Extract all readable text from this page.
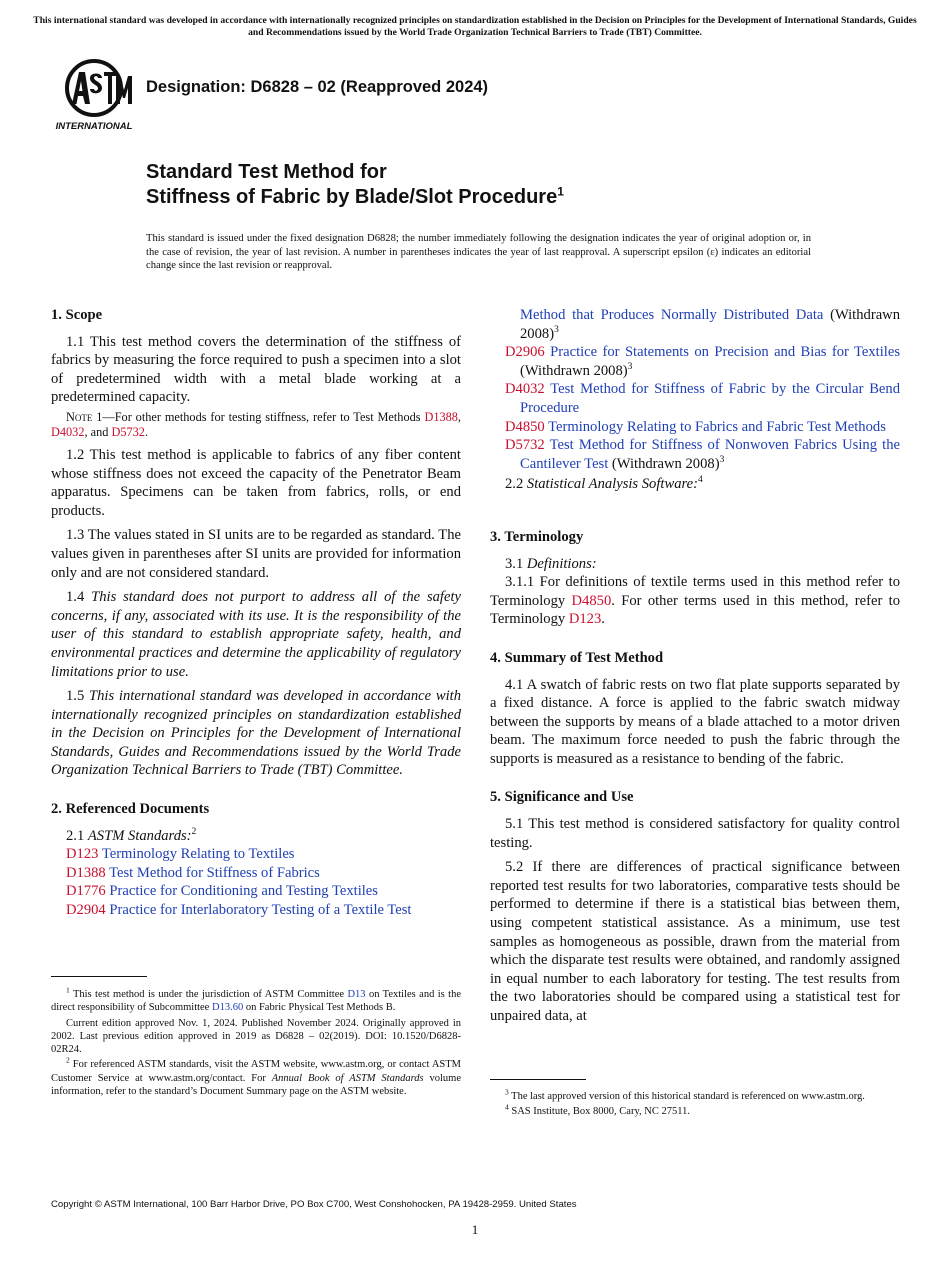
This international standard was developed in accordance with internationally recognized principles on standardization established in the Decision on Principles for the Development of International Standards, Guides and Recommendations issued by the World Trade Organization Technical Barriers to Trade (TBT) Committee.
INTERNATIONAL
Designation: D6828 – 02 (Reapproved 2024)
Standard Test Method for
Stiffness of Fabric by Blade/Slot Procedure$^1$
This standard is issued under the fixed designation D6828; the number immediately following the designation indicates the year of original adoption or, in the case of revision, the year of last revision. A number in parentheses indicates the year of last reapproval. A superscript epsilon (ε) indicates an editorial change since the last revision or reapproval.
1. Scope

1.1 This test method covers the determination of the stiffness of fabrics by measuring the force required to push a specimen into a slot of predetermined width with a metal blade working at a predetermined capacity.

Note 1—For other methods for testing stiffness, refer to Test Methods D1388, D4032, and D5732.

1.2 This test method is applicable to fabrics of any fiber content whose stiffness does not exceed the capacity of the Penetrator Beam apparatus. Specimens can be taken from fabrics, rolls, or end products.

1.3 The values stated in SI units are to be regarded as standard. The values given in parentheses after SI units are provided for information only and are not considered standard.

1.4 This standard does not purport to address all of the safety concerns, if any, associated with its use. It is the responsibility of the user of this standard to establish appropriate safety, health, and environmental practices and determine the applicability of regulatory limitations prior to use.

1.5 This international standard was developed in accordance with internationally recognized principles on standardization established in the Decision on Principles for the Development of International Standards, Guides and Recommendations issued by the World Trade Organization Technical Barriers to Trade (TBT) Committee.

2. Referenced Documents

2.1 ASTM Standards:$^2$

D123 Terminology Relating to Textiles
D1388 Test Method for Stiffness of Fabrics
D1776 Practice for Conditioning and Testing Textiles
D2904 Practice for Interlaboratory Testing of a Textile Test
Method that Produces Normally Distributed Data (Withdrawn 2008)$^3$
D2906 Practice for Statements on Precision and Bias for Textiles (Withdrawn 2008)$^3$
D4032 Test Method for Stiffness of Fabric by the Circular Bend Procedure
D4850 Terminology Relating to Fabrics and Fabric Test Methods
D5732 Test Method for Stiffness of Nonwoven Fabrics Using the Cantilever Test (Withdrawn 2008)$^3$

2.2 Statistical Analysis Software:$^4$

3. Terminology

3.1 Definitions:

3.1.1 For definitions of textile terms used in this method refer to Terminology D4850. For other terms used in this method, refer to Terminology D123.

4. Summary of Test Method

4.1 A swatch of fabric rests on two flat plate supports separated by a fixed distance. A force is applied to the fabric swatch midway between the supports by means of a blade attached to a motor driven beam. The maximum force needed to push the fabric through the supports is measured as a resistance to bending of the fabric.

5. Significance and Use

5.1 This test method is considered satisfactory for quality control testing.

5.2 If there are differences of practical significance between reported test results for two laboratories, comparative tests should be performed to determine if there is a statistical bias between them, using competent statistical assistance. As a minimum, use test samples as homogeneous as possible, drawn from the material from which the disparate test results were obtained, and randomly assigned in equal number to each laboratory for testing. The test results from the two laboratories should be compared using a statistical test for unpaired data, at

$^1$ This test method is under the jurisdiction of ASTM Committee D13 on Textiles and is the direct responsibility of Subcommittee D13.60 on Fabric Physical Test Methods B.

Current edition approved Nov. 1, 2024. Published November 2024. Originally approved in 2002. Last previous edition approved in 2019 as D6828 – 02(2019). DOI: 10.1520/D6828-02R24.

$^2$ For referenced ASTM standards, visit the ASTM website, www.astm.org, or contact ASTM Customer Service at www.astm.org/contact. For Annual Book of ASTM Standards volume information, refer to the standard’s Document Summary page on the ASTM website.	$^3$ The last approved version of this historical standard is referenced on www.astm.org.

$^4$ SAS Institute, Box 8000, Cary, NC 27511.

Copyright © ASTM International, 100 Barr Harbor Drive, PO Box C700, West Conshohocken, PA 19428-2959. United States
1
